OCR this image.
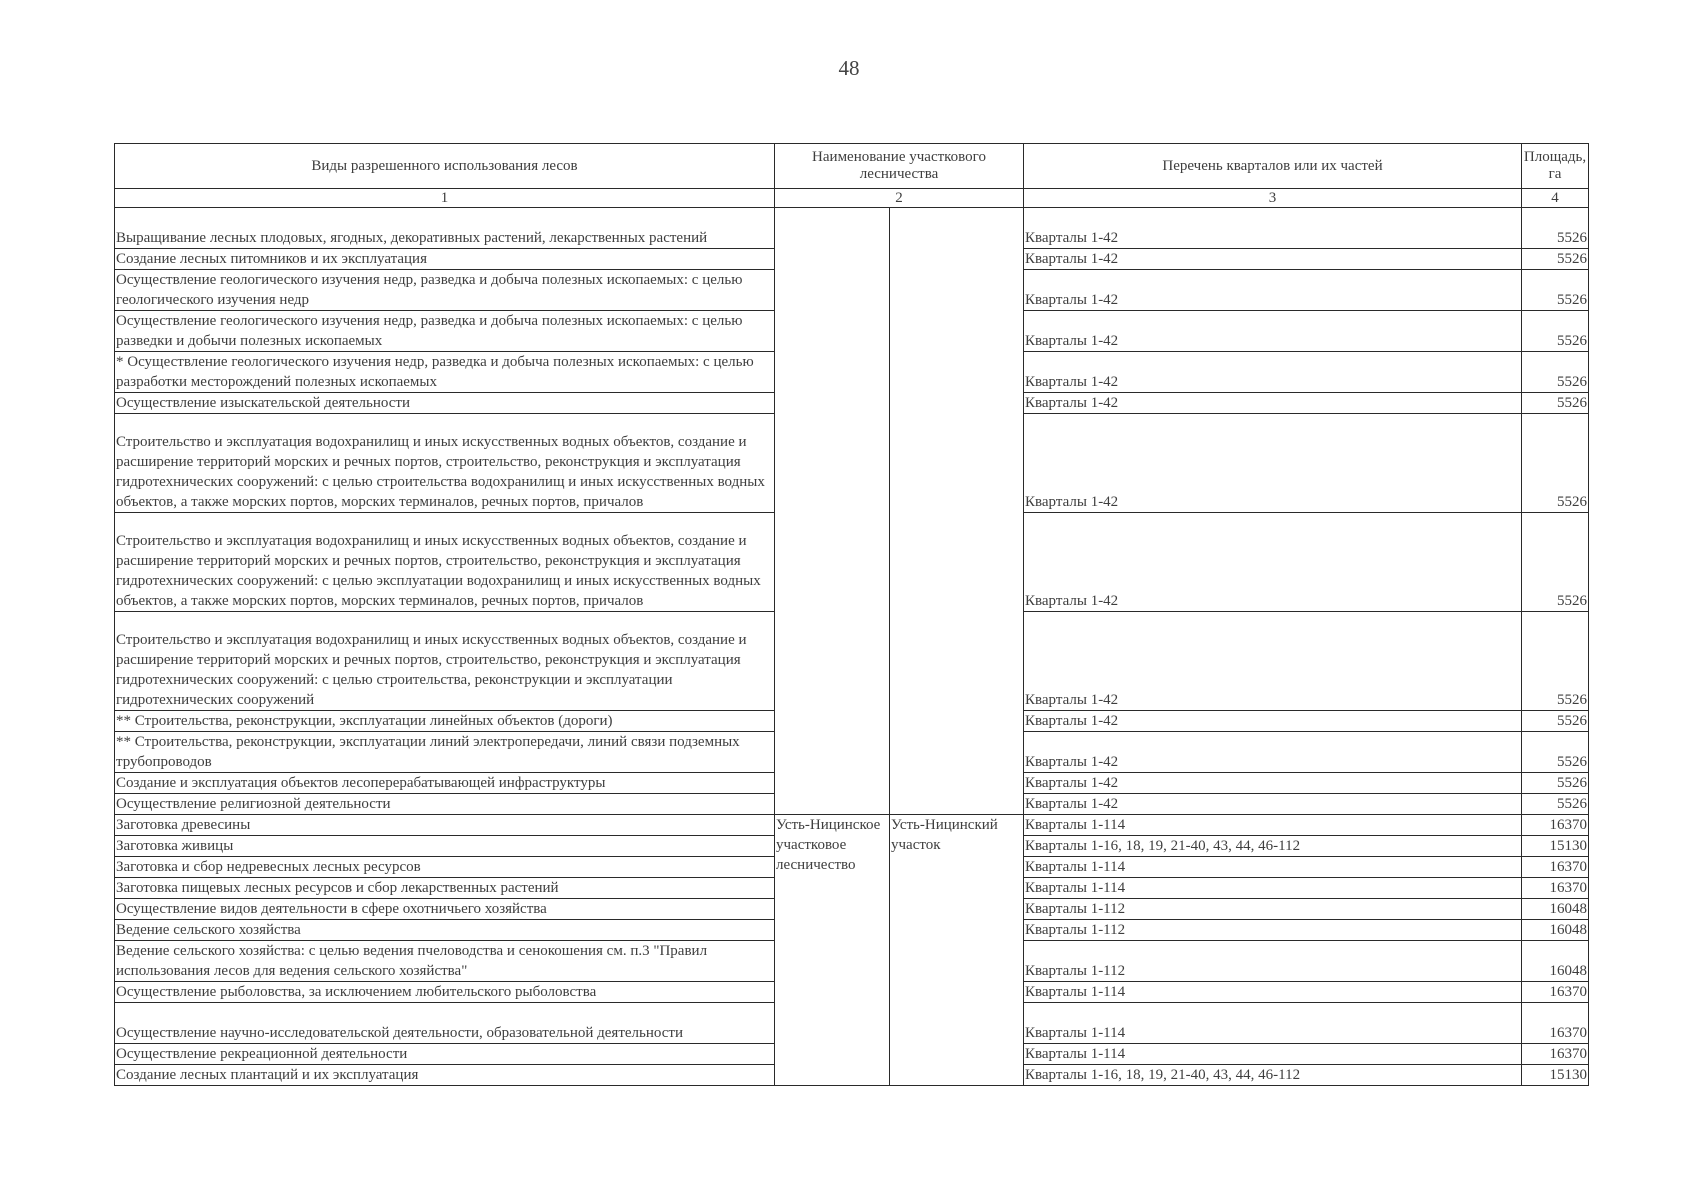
48
Виды разрешенного использования лесов	Наименование участкового лесничества		Перечень кварталов или их частей	Площадь, га
1	2		3	4
Выращивание лесных плодовых, ягодных, декоративных растений, лекарственных растений			Кварталы 1-42	5526
Создание лесных питомников и их эксплуатация			Кварталы 1-42	5526
Осуществление геологического изучения недр, разведка и добыча полезных ископаемых: с целью геологического изучения недр			Кварталы 1-42	5526
Осуществление геологического изучения недр, разведка и добыча полезных ископаемых: с целью разведки и добычи полезных ископаемых			Кварталы 1-42	5526
* Осуществление геологического изучения недр, разведка и добыча полезных ископаемых: с целью разработки месторождений полезных ископаемых			Кварталы 1-42	5526
Осуществление изыскательской деятельности			Кварталы 1-42	5526
Строительство и эксплуатация водохранилищ и иных искусственных водных объектов, создание и расширение территорий морских и речных портов, строительство, реконструкция и эксплуатация гидротехнических сооружений: с целью строительства водохранилищ и иных искусственных водных объектов, а также морских портов, морских терминалов, речных портов, причалов			Кварталы 1-42	5526
Строительство и эксплуатация водохранилищ и иных искусственных водных объектов, создание и расширение территорий морских и речных портов, строительство, реконструкция и эксплуатация гидротехнических сооружений: с целью эксплуатации водохранилищ и иных искусственных водных объектов, а также морских портов, морских терминалов, речных портов, причалов			Кварталы 1-42	5526
Строительство и эксплуатация водохранилищ и иных искусственных водных объектов, создание и расширение территорий морских и речных портов, строительство, реконструкция и эксплуатация гидротехнических сооружений: с целью строительства, реконструкции и эксплуатации гидротехнических сооружений			Кварталы 1-42	5526
** Строительства, реконструкции, эксплуатации линейных объектов (дороги)			Кварталы 1-42	5526
** Строительства, реконструкции, эксплуатации линий электропередачи, линий связи подземных трубопроводов			Кварталы 1-42	5526
Создание и эксплуатация объектов лесоперерабатывающей инфраструктуры			Кварталы 1-42	5526
Осуществление религиозной деятельности			Кварталы 1-42	5526
Заготовка древесины	Усть-Ницинское участковое лесничество	Усть-Ницинский участок	Кварталы 1-114	16370
Заготовка живицы			Кварталы 1-16, 18, 19, 21-40, 43, 44, 46-112	15130
Заготовка и сбор недревесных лесных ресурсов			Кварталы 1-114	16370
Заготовка пищевых лесных ресурсов и сбор лекарственных растений			Кварталы 1-114	16370
Осуществление видов деятельности в сфере охотничьего хозяйства			Кварталы 1-112	16048
Ведение сельского хозяйства			Кварталы 1-112	16048
Ведение сельского хозяйства: с целью ведения пчеловодства и сенокошения см. п.3 "Правил использования лесов для ведения сельского хозяйства"			Кварталы 1-112	16048
Осуществление рыболовства, за исключением любительского рыболовства			Кварталы 1-114	16370
Осуществление научно-исследовательской деятельности, образовательной деятельности			Кварталы 1-114	16370
Осуществление рекреационной деятельности			Кварталы 1-114	16370
Создание лесных плантаций и их эксплуатация			Кварталы 1-16, 18, 19, 21-40, 43, 44, 46-112	15130
